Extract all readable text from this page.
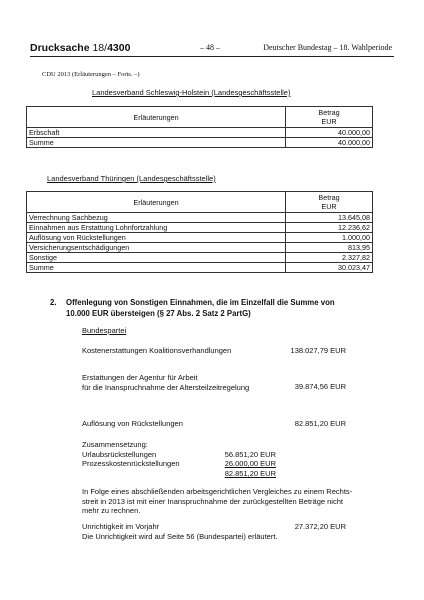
Drucksache 18/4300	– 48 –	Deutscher Bundestag – 18. Wahlperiode
CDU 2013 (Erläuterungen – Forts. –)
Landesverband Schleswig-Holstein (Landesgeschäftsstelle)
Erläuterungen	Betrag
EUR

Erbschaft	40.000,00
Summe	40.000,00
Landesverband Thüringen (Landesgeschäftsstelle)
Erläuterungen	Betrag
EUR

Verrechnung Sachbezug	13.645,08
Einnahmen aus Erstattung Lohnfortzahlung	12.236,62
Auflösung von Rückstellungen	1.000,00
Versicherungsentschädigungen	813,95
Sonstige	2.327,82
Summe	30.023,47
2. Offenlegung von Sonstigen Einnahmen, die im Einzelfall die Summe von
10.000 EUR übersteigen (§ 27 Abs. 2 Satz 2 PartG)
Bundespartei
Kostenerstattungen Koalitionsverhandlungen	138.027,79 EUR
Erstattungen der Agentur für Arbeit
für die Inanspruchnahme der Altersteilzeitregelung	39.874,56 EUR
Auflösung von Rückstellungen	82.851,20 EUR
Zusammensetzung:
Urlaubsrückstellungen	56.851,20 EUR
Prozesskostenrückstellungen	26.000,00 EUR
82.851,20 EUR
In Folge eines abschließenden arbeitsgerichtlichen Vergleiches zu einem Rechts-
streit in 2013 ist mit einer Inanspruchnahme der zurückgestellten Beträge nicht
mehr zu rechnen.
Unrichtigkeit im Vorjahr	27.372,20 EUR
Die Unrichtigkeit wird auf Seite 56 (Bundespartei) erläutert.
